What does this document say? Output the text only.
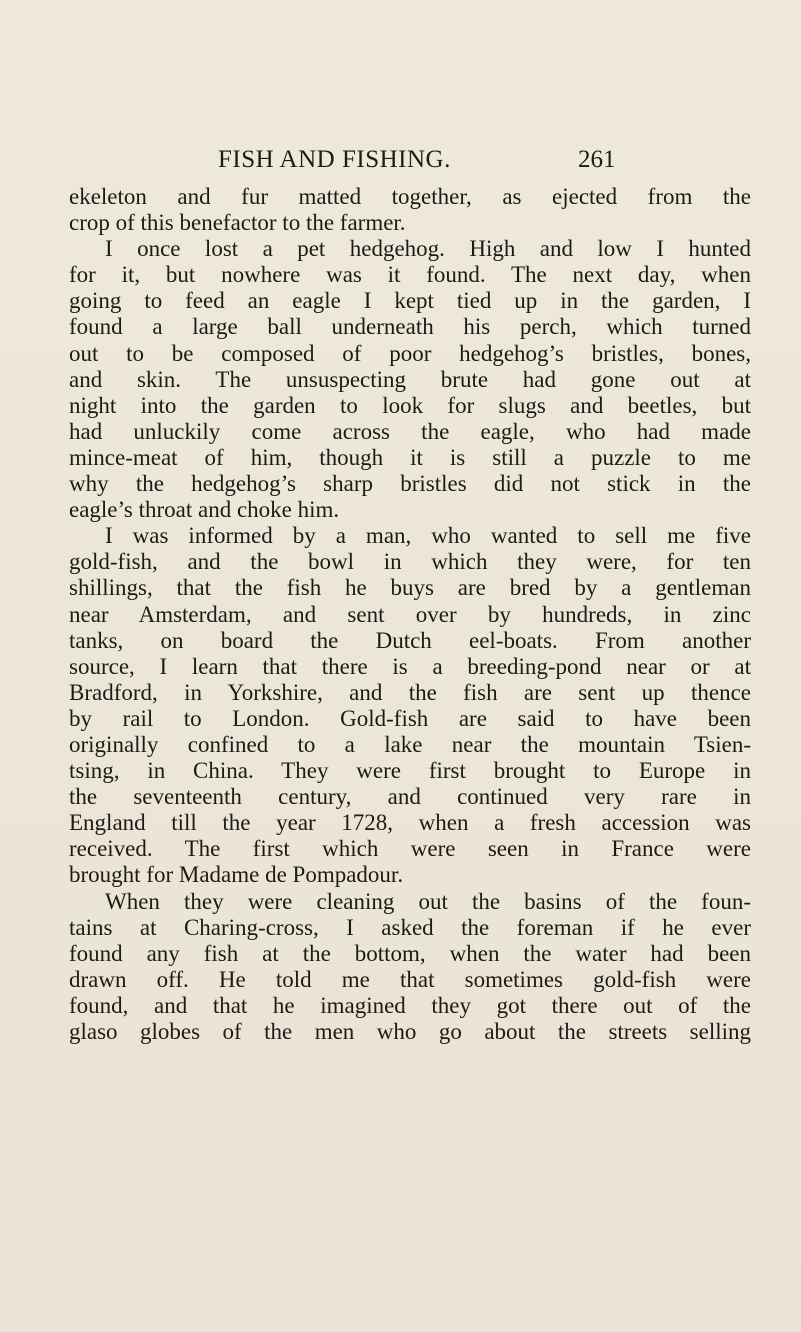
FISH AND FISHING.	261
ekeleton and fur matted together, as ejected from the
crop of this benefactor to the farmer.
I once lost a pet hedgehog. High and low I hunted
for it, but nowhere was it found. The next day, when
going to feed an eagle I kept tied up in the garden, I
found a large ball underneath his perch, which turned
out to be composed of poor hedgehog’s bristles, bones,
and skin. The unsuspecting brute had gone out at
night into the garden to look for slugs and beetles, but
had unluckily come across the eagle, who had made
mince-meat of him, though it is still a puzzle to me
why the hedgehog’s sharp bristles did not stick in the
eagle’s throat and choke him.
I was informed by a man, who wanted to sell me five
gold-fish, and the bowl in which they were, for ten
shillings, that the fish he buys are bred by a gentleman
near Amsterdam, and sent over by hundreds, in zinc
tanks, on board the Dutch eel-boats. From another
source, I learn that there is a breeding-pond near or at
Bradford, in Yorkshire, and the fish are sent up thence
by rail to London. Gold-fish are said to have been
originally confined to a lake near the mountain Tsien-
tsing, in China. They were first brought to Europe in
the seventeenth century, and continued very rare in
England till the year 1728, when a fresh accession was
received. The first which were seen in France were
brought for Madame de Pompadour.
When they were cleaning out the basins of the foun-
tains at Charing-cross, I asked the foreman if he ever
found any fish at the bottom, when the water had been
drawn off. He told me that sometimes gold-fish were
found, and that he imagined they got there out of the
glaso globes of the men who go about the streets selling
